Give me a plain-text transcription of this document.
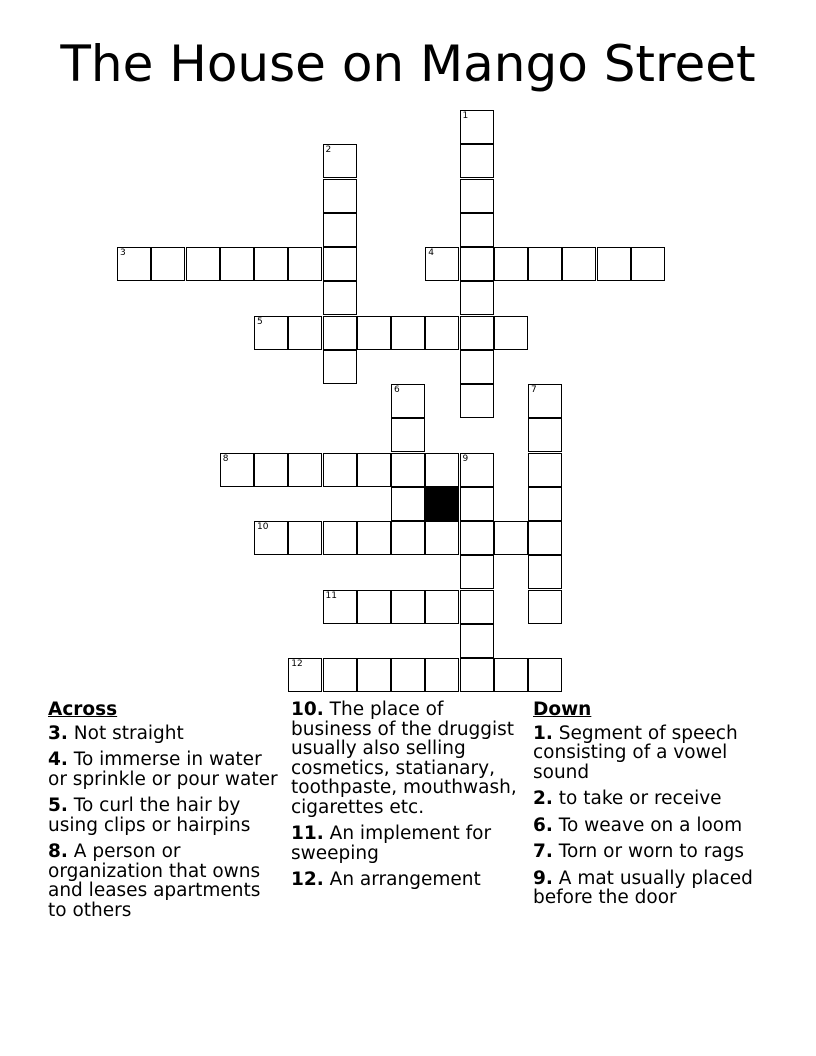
The House on Mango Street
1
2
3	4
5
6	7
8	9
10
11
12
Across
3. Not straight
4. To immerse in water or sprinkle or pour water
5. To curl the hair by using clips or hairpins
8. A person or organization that owns and leases apartments to others
10. The place of business of the druggist usually also selling cosmetics, statianary, toothpaste, mouthwash, cigarettes etc.
11. An implement for sweeping
12. An arrangement
Down
1. Segment of speech consisting of a vowel sound
2. to take or receive
6. To weave on a loom
7. Torn or worn to rags
9. A mat usually placed before the door
